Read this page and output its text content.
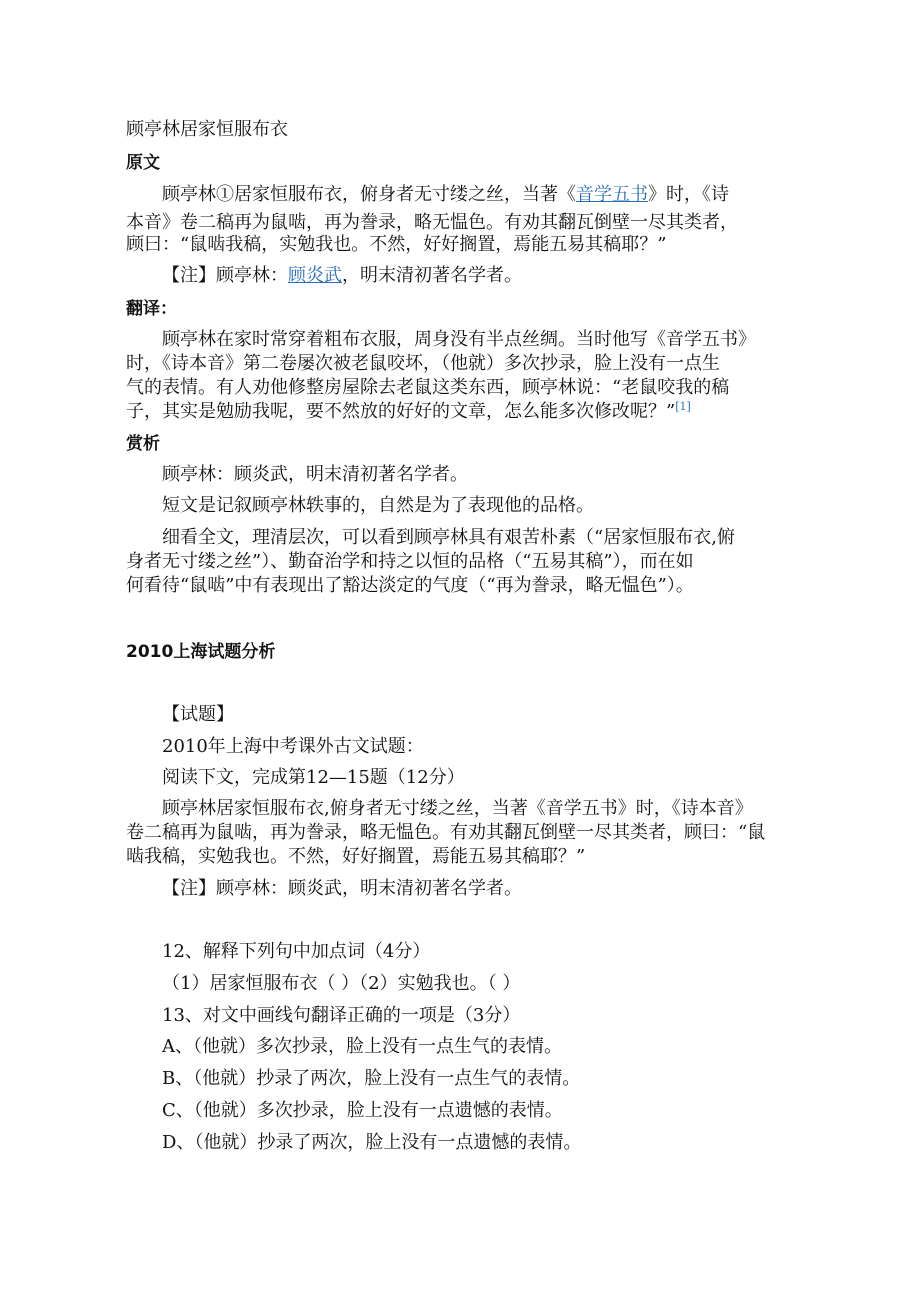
顾亭林居家恒服布衣

原文

顾亭林①居家恒服布衣，俯身者无寸缕之丝，当著《音学五书》时，《诗

本音》卷二稿再为鼠啮，再为誊录，略无愠色。有劝其翻瓦倒壁一尽其类者，

顾曰：“鼠啮我稿，实勉我也。不然，好好搁置，焉能五易其稿耶？”

【注】顾亭林：顾炎武，明末清初著名学者。

翻译：

顾亭林在家时常穿着粗布衣服，周身没有半点丝绸。当时他写《音学五书》

时，《诗本音》第二卷屡次被老鼠咬坏，（他就）多次抄录，脸上没有一点生

气的表情。有人劝他修整房屋除去老鼠这类东西，顾亭林说：“老鼠咬我的稿

子，其实是勉励我呢，要不然放的好好的文章，怎么能多次修改呢？”[1]

赏析

顾亭林：顾炎武，明末清初著名学者。

短文是记叙顾亭林轶事的，自然是为了表现他的品格。

细看全文，理清层次，可以看到顾亭林具有艰苦朴素（“居家恒服布衣,俯

身者无寸缕之丝”）、勤奋治学和持之以恒的品格（“五易其稿”），而在如

何看待“鼠啮”中有表现出了豁达淡定的气度（“再为誊录，略无愠色”）。

2010上海试题分析

【试题】

2010年上海中考课外古文试题：

阅读下文，完成第12—15题（12分）

顾亭林居家恒服布衣,俯身者无寸缕之丝，当著《音学五书》时，《诗本音》

卷二稿再为鼠啮，再为誊录，略无愠色。有劝其翻瓦倒壁一尽其类者，顾曰：“鼠

啮我稿，实勉我也。不然，好好搁置，焉能五易其稿耶？”

【注】顾亭林：顾炎武，明末清初著名学者。

12、解释下列句中加点词（4分）

（1）居家恒服布衣（ ）（2）实勉我也。（ ）

13、对文中画线句翻译正确的一项是（3分）

A、（他就）多次抄录，脸上没有一点生气的表情。

B、（他就）抄录了两次，脸上没有一点生气的表情。

C、（他就）多次抄录，脸上没有一点遗憾的表情。

D、（他就）抄录了两次，脸上没有一点遗憾的表情。
